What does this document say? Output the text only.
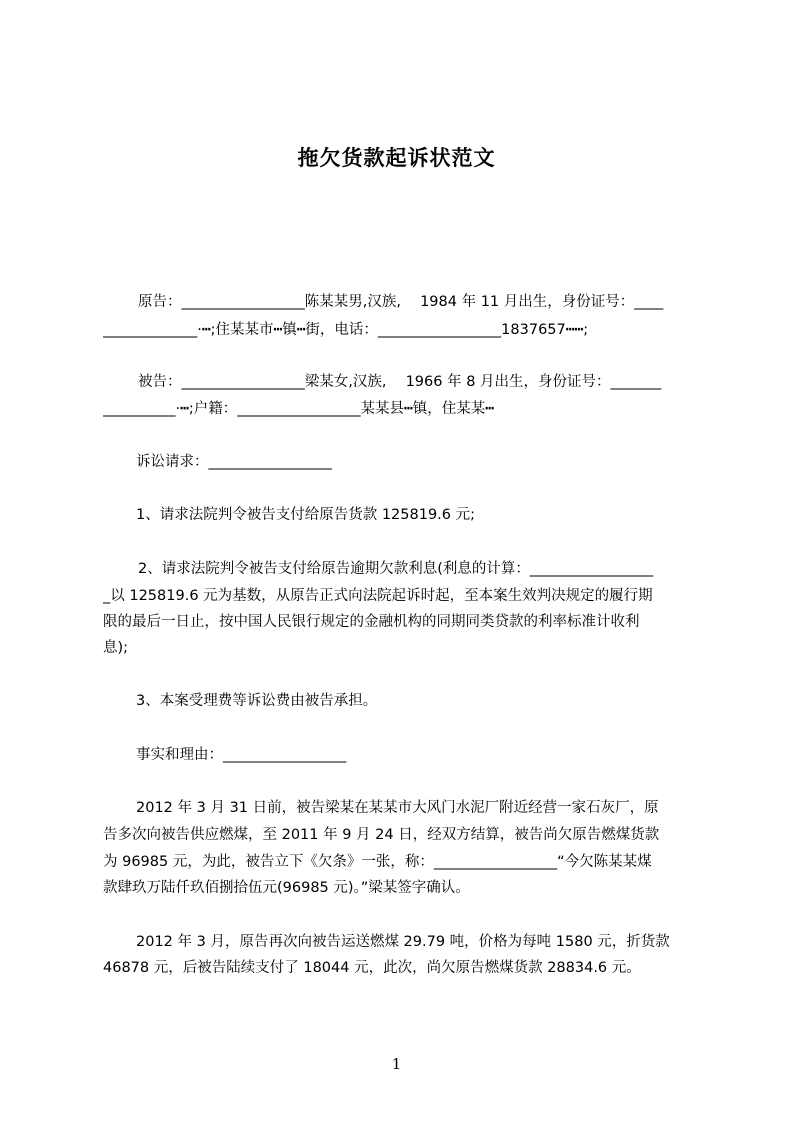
拖欠货款起诉状范文
原告：_________________陈某某男,汉族,　 1984 年 11 月出生，身份证号：____
_____________·┅;住某某市┅镇┅街，电话：_________________1837657┅┅;
被告：_________________梁某女,汉族,　 1966 年 8 月出生，身份证号：_______
__________·┅;户籍：_________________某某县┅镇，住某某┅
诉讼请求：_________________
1、请求法院判令被告支付给原告货款 125819.6 元;
2、请求法院判令被告支付给原告逾期欠款利息(利息的计算：_________________
_以 125819.6 元为基数，从原告正式向法院起诉时起，至本案生效判决规定的履行期
限的最后一日止，按中国人民银行规定的金融机构的同期同类贷款的利率标准计收利
息);
3、本案受理费等诉讼费由被告承担。
事实和理由：_________________
2012 年 3 月 31 日前，被告梁某在某某市大风门水泥厂附近经营一家石灰厂，原
告多次向被告供应燃煤，至 2011 年 9 月 24 日，经双方结算，被告尚欠原告燃煤货款
为 96985 元，为此，被告立下《欠条》一张，称：_________________“今欠陈某某煤
款肆玖万陆仟玖佰捌拾伍元(96985 元)。”梁某签字确认。
2012 年 3 月，原告再次向被告运送燃煤 29.79 吨，价格为每吨 1580 元，折货款
46878 元，后被告陆续支付了 18044 元，此次，尚欠原告燃煤货款 28834.6 元。
1
